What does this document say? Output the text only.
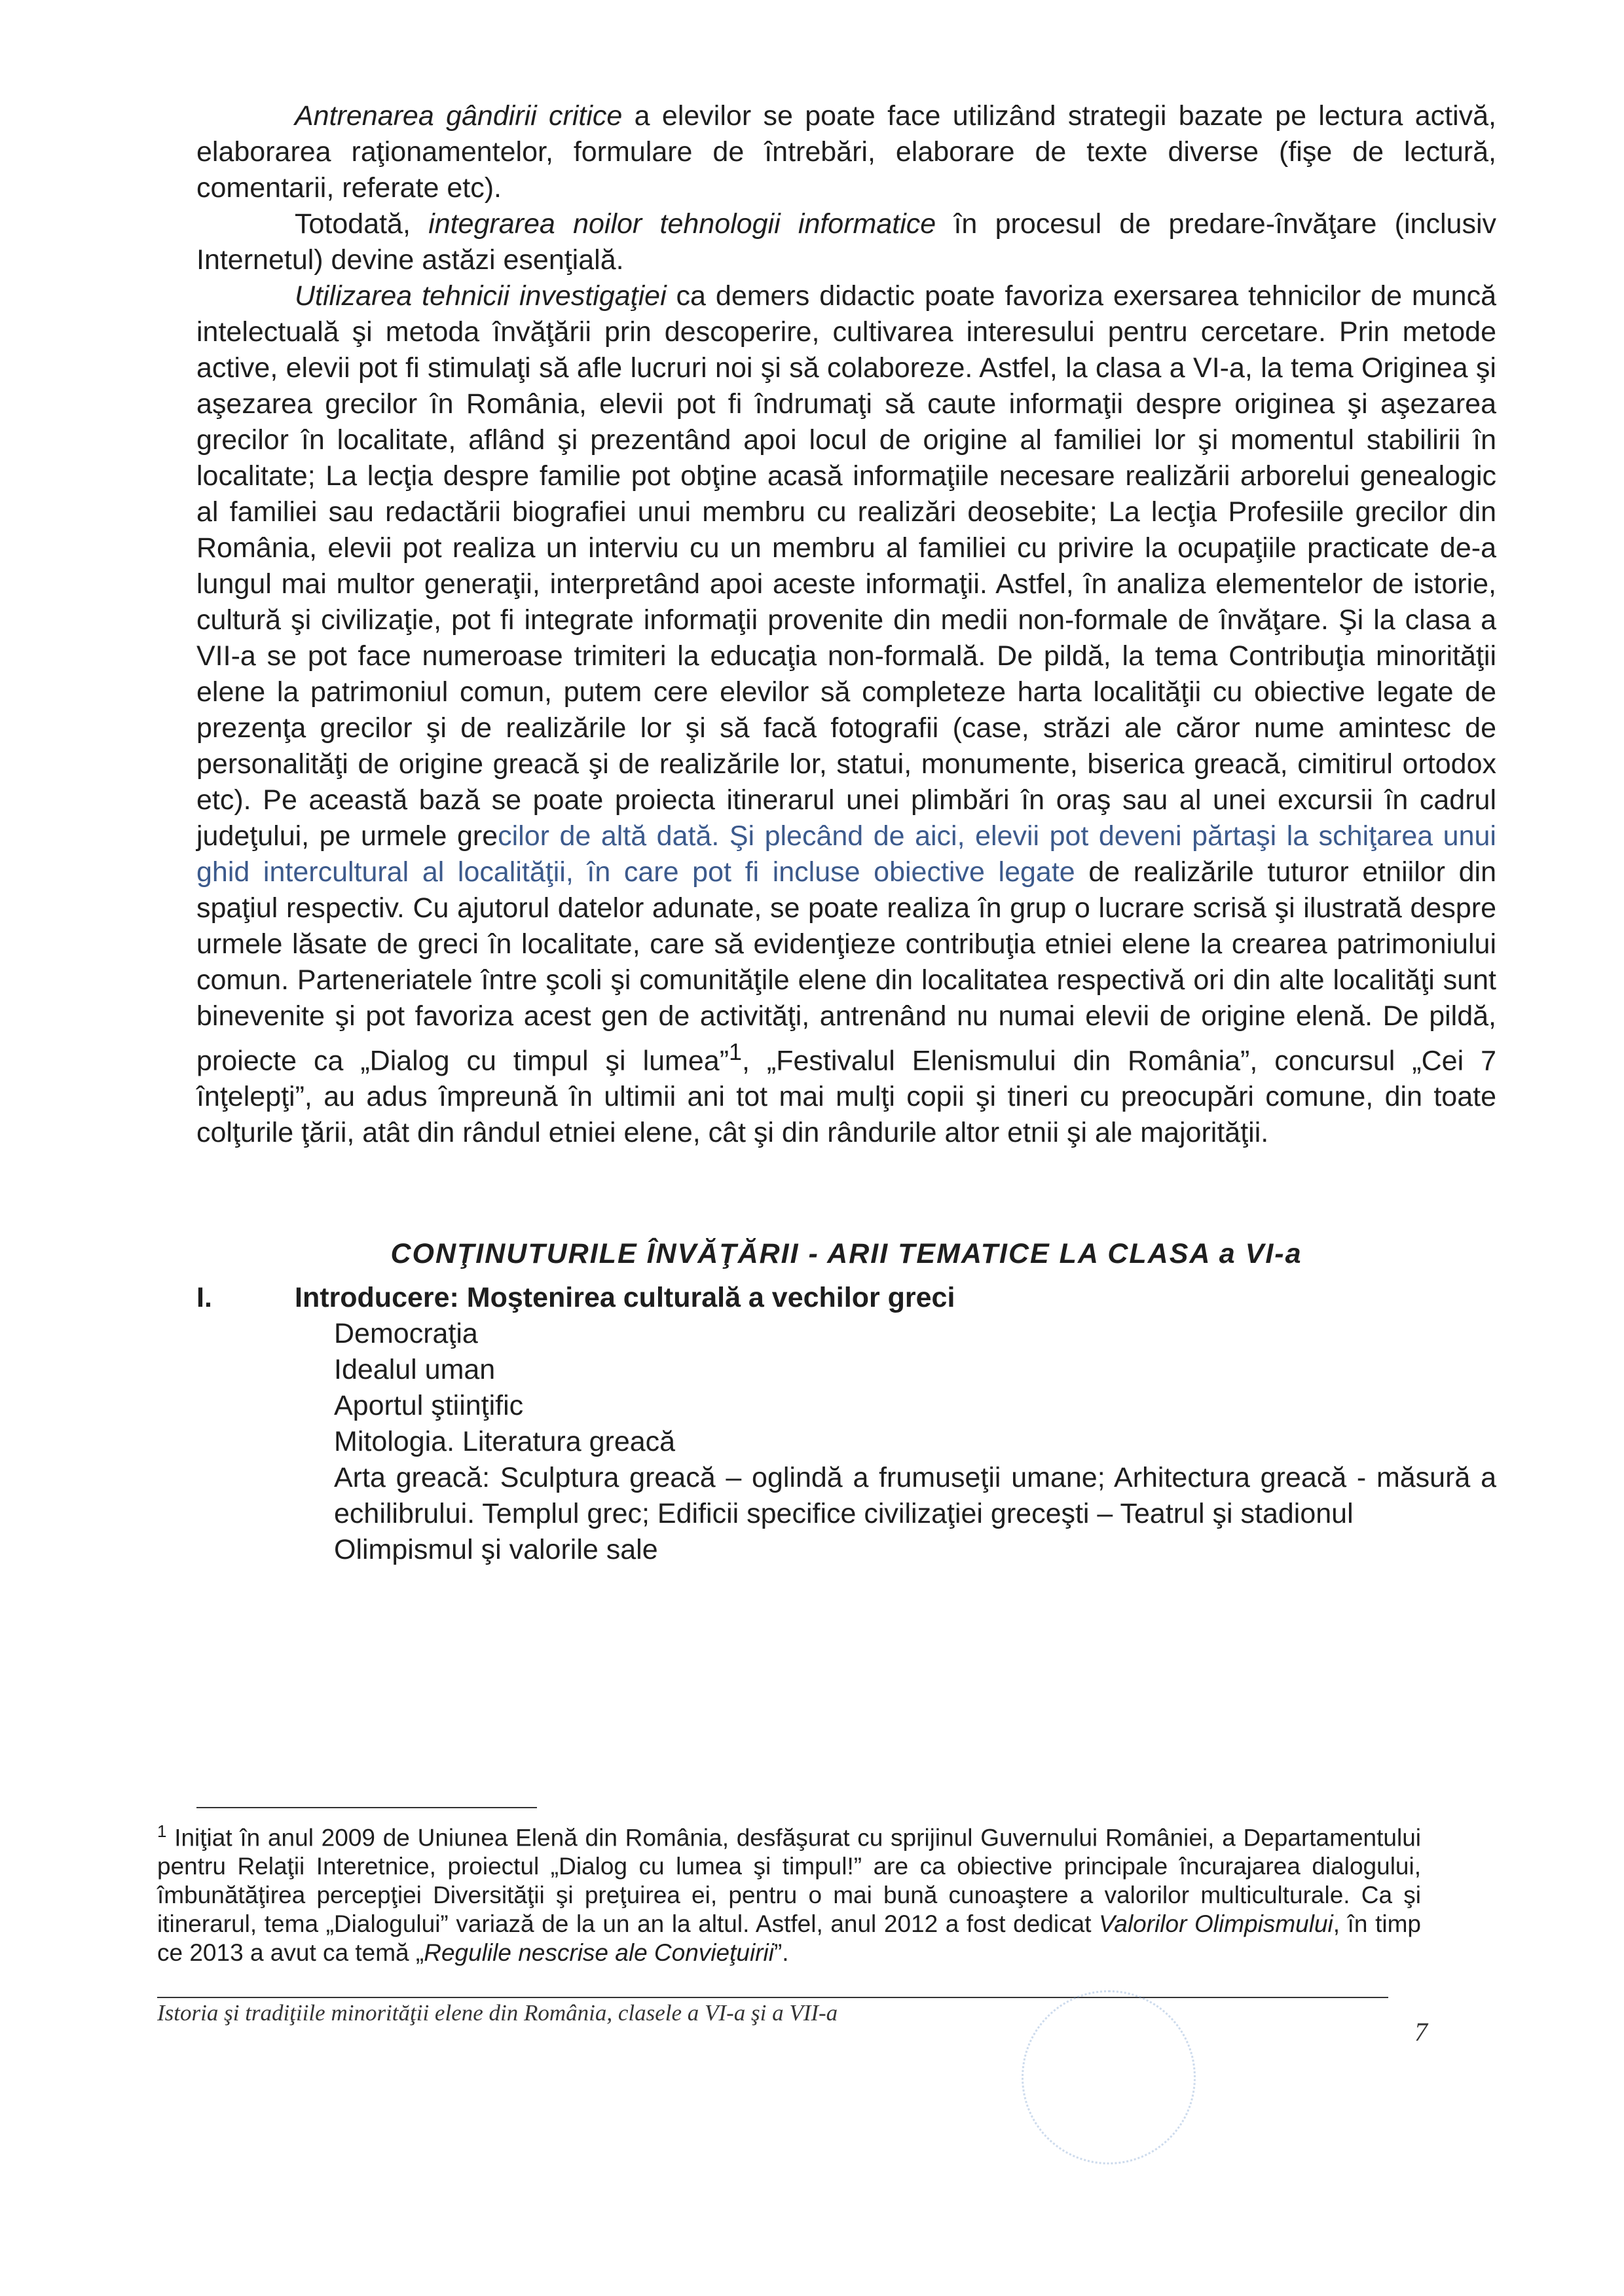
Antrenarea gândirii critice a elevilor se poate face utilizând strategii bazate pe lectura activă, elaborarea raţionamentelor, formulare de întrebări, elaborare de texte diverse (fişe de lectură, comentarii, referate etc).

Totodată, integrarea noilor tehnologii informatice în procesul de predare-învăţare (inclusiv Internetul) devine astăzi esenţială.

Utilizarea tehnicii investigaţiei ca demers didactic poate favoriza exersarea tehnicilor de muncă intelectuală şi metoda învăţării prin descoperire, cultivarea interesului pentru cercetare. Prin metode active, elevii pot fi stimulaţi să afle lucruri noi şi să colaboreze. Astfel, la clasa a VI-a, la tema Originea şi aşezarea grecilor în România, elevii pot fi îndrumaţi să caute informaţii despre originea şi aşezarea grecilor în localitate, aflând şi prezentând apoi locul de origine al familiei lor şi momentul stabilirii în localitate; La lecţia despre familie pot obţine acasă informaţiile necesare realizării arborelui genealogic al familiei sau redactării biografiei unui membru cu realizări deosebite; La lecţia Profesiile grecilor din România, elevii pot realiza un interviu cu un membru al familiei cu privire la ocupaţiile practicate de-a lungul mai multor generaţii, interpretând apoi aceste informaţii. Astfel, în analiza elementelor de istorie, cultură şi civilizaţie, pot fi integrate informaţii provenite din medii non-formale de învăţare. Şi la clasa a VII-a se pot face numeroase trimiteri la educaţia non-formală. De pildă, la tema Contribuţia minorităţii elene la patrimoniul comun, putem cere elevilor să completeze harta localităţii cu obiective legate de prezenţa grecilor şi de realizările lor şi să facă fotografii (case, străzi ale căror nume amintesc de personalităţi de origine greacă şi de realizările lor, statui, monumente, biserica greacă, cimitirul ortodox etc). Pe această bază se poate proiecta itinerarul unei plimbări în oraş sau al unei excursii în cadrul judeţului, pe urmele grecilor de altă dată. Şi plecând de aici, elevii pot deveni părtaşi la schiţarea unui ghid intercultural al localităţii, în care pot fi incluse obiective legate de realizările tuturor etniilor din spaţiul respectiv. Cu ajutorul datelor adunate, se poate realiza în grup o lucrare scrisă şi ilustrată despre urmele lăsate de greci în localitate, care să evidenţieze contribuţia etniei elene la crearea patrimoniului comun. Parteneriatele între şcoli şi comunităţile elene din localitatea respectivă ori din alte localităţi sunt binevenite şi pot favoriza acest gen de activităţi, antrenând nu numai elevii de origine elenă. De pildă, proiecte ca „Dialog cu timpul şi lumea”$^1$, „Festivalul Elenismului din România”, concursul „Cei 7 înţelepţi”, au adus împreună în ultimii ani tot mai mulţi copii şi tineri cu preocupări comune, din toate colţurile ţării, atât din rândul etniei elene, cât şi din rândurile altor etnii şi ale majorităţii.

CONŢINUTURILE ÎNVĂŢĂRII - ARII TEMATICE LA CLASA a VI-a
I.	Introducere: Moştenirea culturală a vechilor greci
Democraţia
Idealul uman
Aportul ştiinţific
Mitologia. Literatura greacă
Arta greacă: Sculptura greacă – oglindă a frumuseţii umane; Arhitectura greacă - măsură a echilibrului. Templul grec; Edificii specifice civilizaţiei greceşti – Teatrul şi stadionul
Olimpismul şi valorile sale
$^1$ Iniţiat în anul 2009 de Uniunea Elenă din România, desfăşurat cu sprijinul Guvernului României, a Departamentului pentru Relaţii Interetnice, proiectul „Dialog cu lumea şi timpul!” are ca obiective principale încurajarea dialogului, îmbunătăţirea percepţiei Diversităţii şi preţuirea ei, pentru o mai bună cunoaştere a valorilor multiculturale. Ca şi itinerarul, tema „Dialogului” variază de la un an la altul. Astfel, anul 2012 a fost dedicat Valorilor Olimpismului, în timp ce 2013 a avut ca temă „Regulile nescrise ale Convieţuirii”.
Istoria şi tradiţiile minorităţii elene din România, clasele a VI-a şi a VII-a
7
